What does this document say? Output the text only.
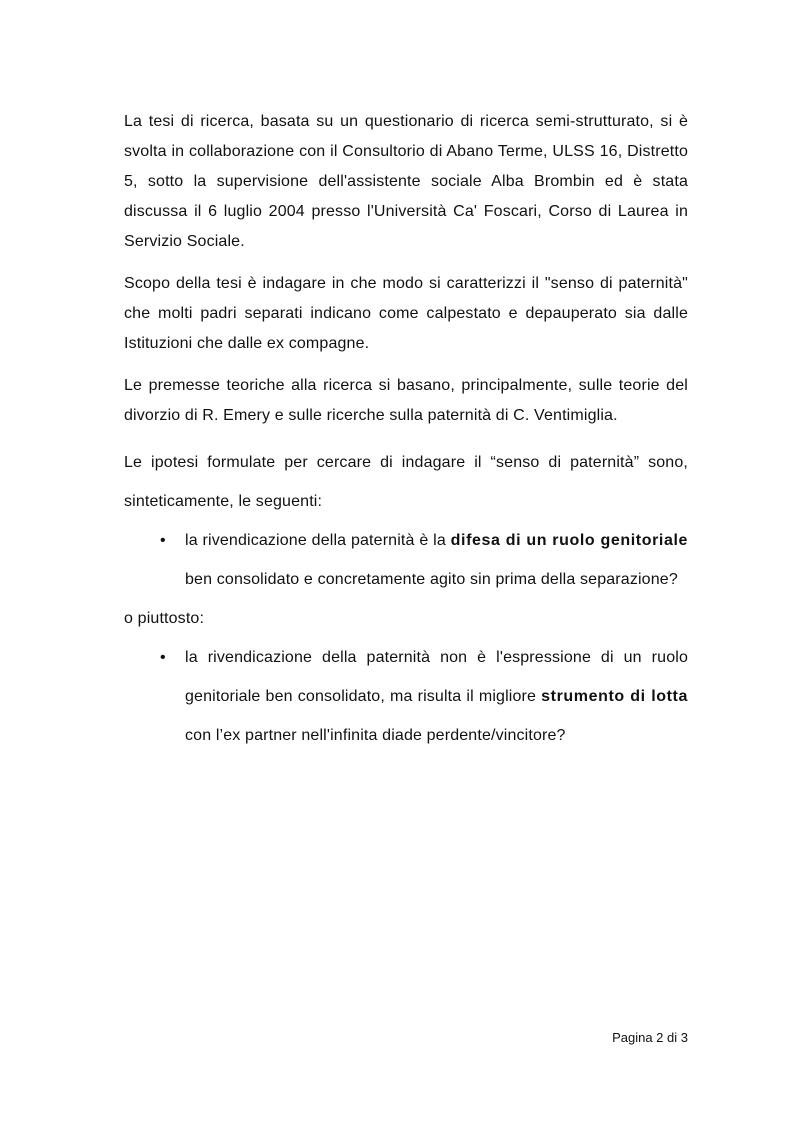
La tesi di ricerca, basata su un questionario di ricerca semi-strutturato, si è svolta in collaborazione con il Consultorio di Abano Terme, ULSS 16, Distretto 5, sotto la supervisione dell'assistente sociale Alba Brombin ed è stata discussa il 6 luglio 2004 presso l'Università Ca' Foscari, Corso di Laurea in Servizio Sociale.

Scopo della tesi è indagare in che modo si caratterizzi il "senso di paternità" che molti padri separati indicano come calpestato e depauperato sia dalle Istituzioni che dalle ex compagne.

Le premesse teoriche alla ricerca si basano, principalmente, sulle teorie del divorzio di R. Emery e sulle ricerche sulla paternità di C. Ventimiglia.

Le ipotesi formulate per cercare di indagare il “senso di paternità” sono, sinteticamente, le seguenti:

• la rivendicazione della paternità è la difesa di un ruolo genitoriale ben consolidato e concretamente agito sin prima della separazione?

o piuttosto:

• la rivendicazione della paternità non è l'espressione di un ruolo genitoriale ben consolidato, ma risulta il migliore strumento di lotta con l’ex partner nell'infinita diade perdente/vincitore?
Pagina 2 di 3
